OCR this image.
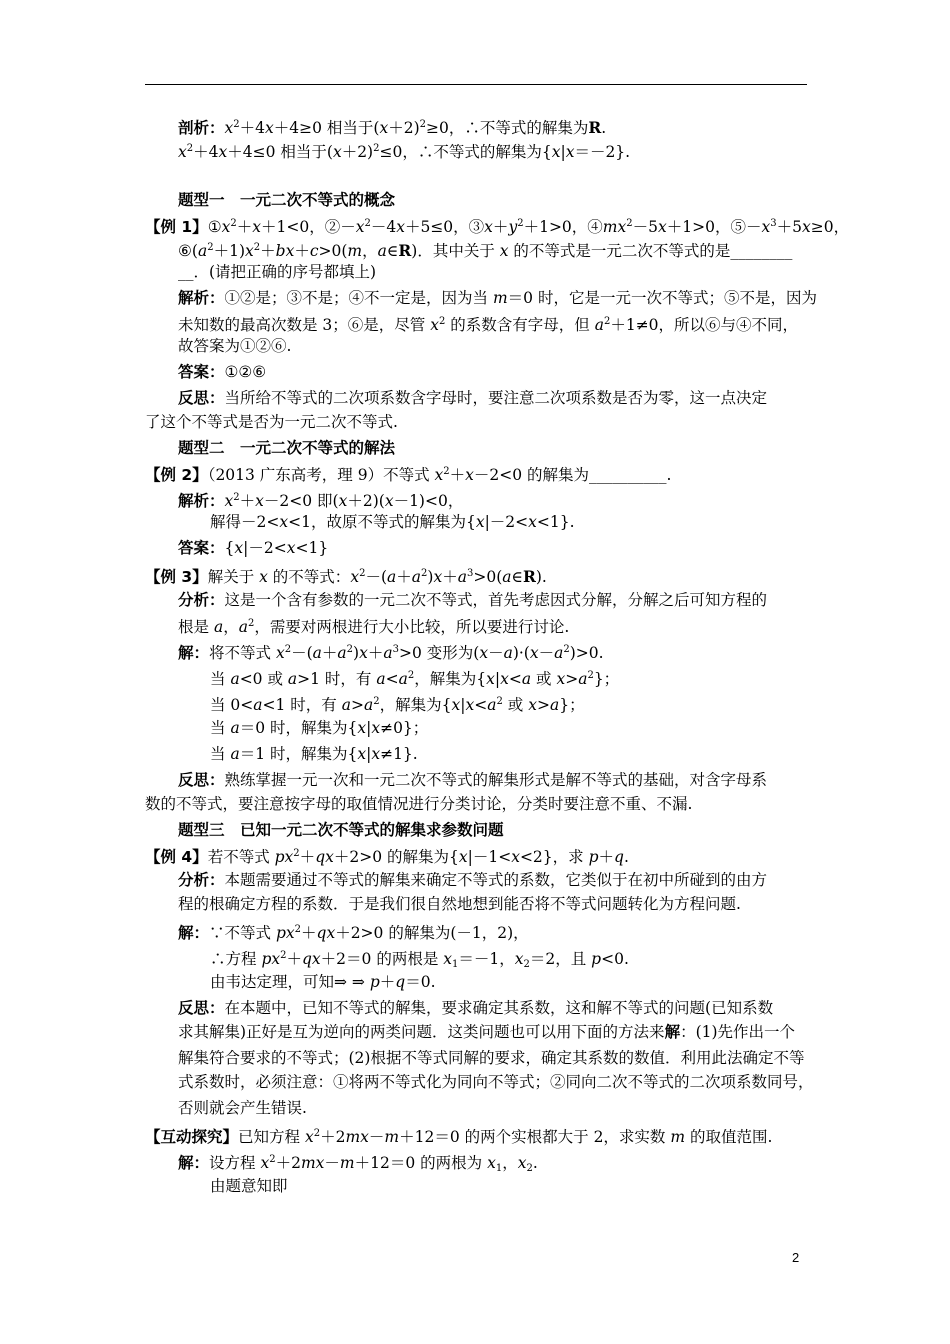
剖析：$x^2+4x+4\ge 0$ 相当于$(x+2)^2\ge 0$，∴不等式的解集为R.
$x^2+4x+4\le 0$ 相当于$(x+2)^2\le 0$，∴不等式的解集为{x|x＝－2}.
题型一　一元二次不等式的概念
【例 1】$①x^2+x+1<0$，$②-x^2-4x+5\le 0$，$③x+y^2+1>0$，$④mx^2-5x+1>0$，$⑤-x^3+5x\ge 0$，
$⑥(a^2+1)x^2+bx+c>0(m$，a∈R)．其中关于 x 的不等式是一元二次不等式的是________
__．(请把正确的序号都填上)
解析：①②是；③不是；④不一定是，因为当 m＝0 时，它是一元一次不等式；⑤不是，因为
未知数的最高次数是 3；⑥是，尽管 $x^2$ 的系数含有字母，但 $a^2+1\ne 0$，所以⑥与④不同，
故答案为①②⑥.
答案：①②⑥
反思：当所给不等式的二次项系数含字母时，要注意二次项系数是否为零，这一点决定
了这个不等式是否为一元二次不等式.
题型二　一元二次不等式的解法
【例 2】（2013 广东高考，理 9）不等式 $x^2+x-2<0$ 的解集为__________.
解析：$x^2+x-2<0$ 即(x＋2)(x－1)<0，
解得－2<x<1，故原不等式的解集为{x|－2<x<1}.
答案：{x|－2<x<1}
【例 3】解关于 x 的不等式：$x^2-(a+a^2)x+a^3>0(a\in R)$.
分析：这是一个含有参数的一元二次不等式，首先考虑因式分解，分解之后可知方程的
根是 a，$a^2$，需要对两根进行大小比较，所以要进行讨论.
解：将不等式 $x^2-(a+a^2)x+a^3>0$ 变形为$(x-a)\cdot(x-a^2)>0$.
当 a<0 或 a>1 时，有 $a<a^2$，解集为{x|x<a 或 $x>a^2$}；
当 0<a<1 时，有 $a>a^2$，解集为{$x|x<a^2$ 或 x>a}；
当 a＝0 时，解集为{x|x≠0}；
当 a＝1 时，解集为{x|x≠1}.
反思：熟练掌握一元一次和一元二次不等式的解集形式是解不等式的基础，对含字母系
数的不等式，要注意按字母的取值情况进行分类讨论，分类时要注意不重、不漏.
题型三　已知一元二次不等式的解集求参数问题
【例 4】若不等式 $px^2+qx+2>0$ 的解集为{x|－1<x<2}，求 p＋q.
分析：本题需要通过不等式的解集来确定不等式的系数，它类似于在初中所碰到的由方
程的根确定方程的系数．于是我们很自然地想到能否将不等式问题转化为方程问题.
解：∵不等式 $px^2+qx+2>0$ 的解集为(－1，2)，
∴方程 $px^2+qx+2=0$ 的两根是 $x_1=-1$，$x_2=2$，且 p<0.
由韦达定理，可知⇒ ⇒ p＋q＝0.
反思：在本题中，已知不等式的解集，要求确定其系数，这和解不等式的问题(已知系数
求其解集)正好是互为逆向的两类问题．这类问题也可以用下面的方法来解：(1)先作出一个
解集符合要求的不等式；(2)根据不等式同解的要求，确定其系数的数值．利用此法确定不等
式系数时，必须注意：①将两不等式化为同向不等式；②同向二次不等式的二次项系数同号，
否则就会产生错误.
【互动探究】已知方程 $x^2+2mx-m+12=0$ 的两个实根都大于 2，求实数 m 的取值范围.
解：设方程 $x^2+2mx-m+12=0$ 的两根为 $x_1$，$x_2$.
由题意知即
2
